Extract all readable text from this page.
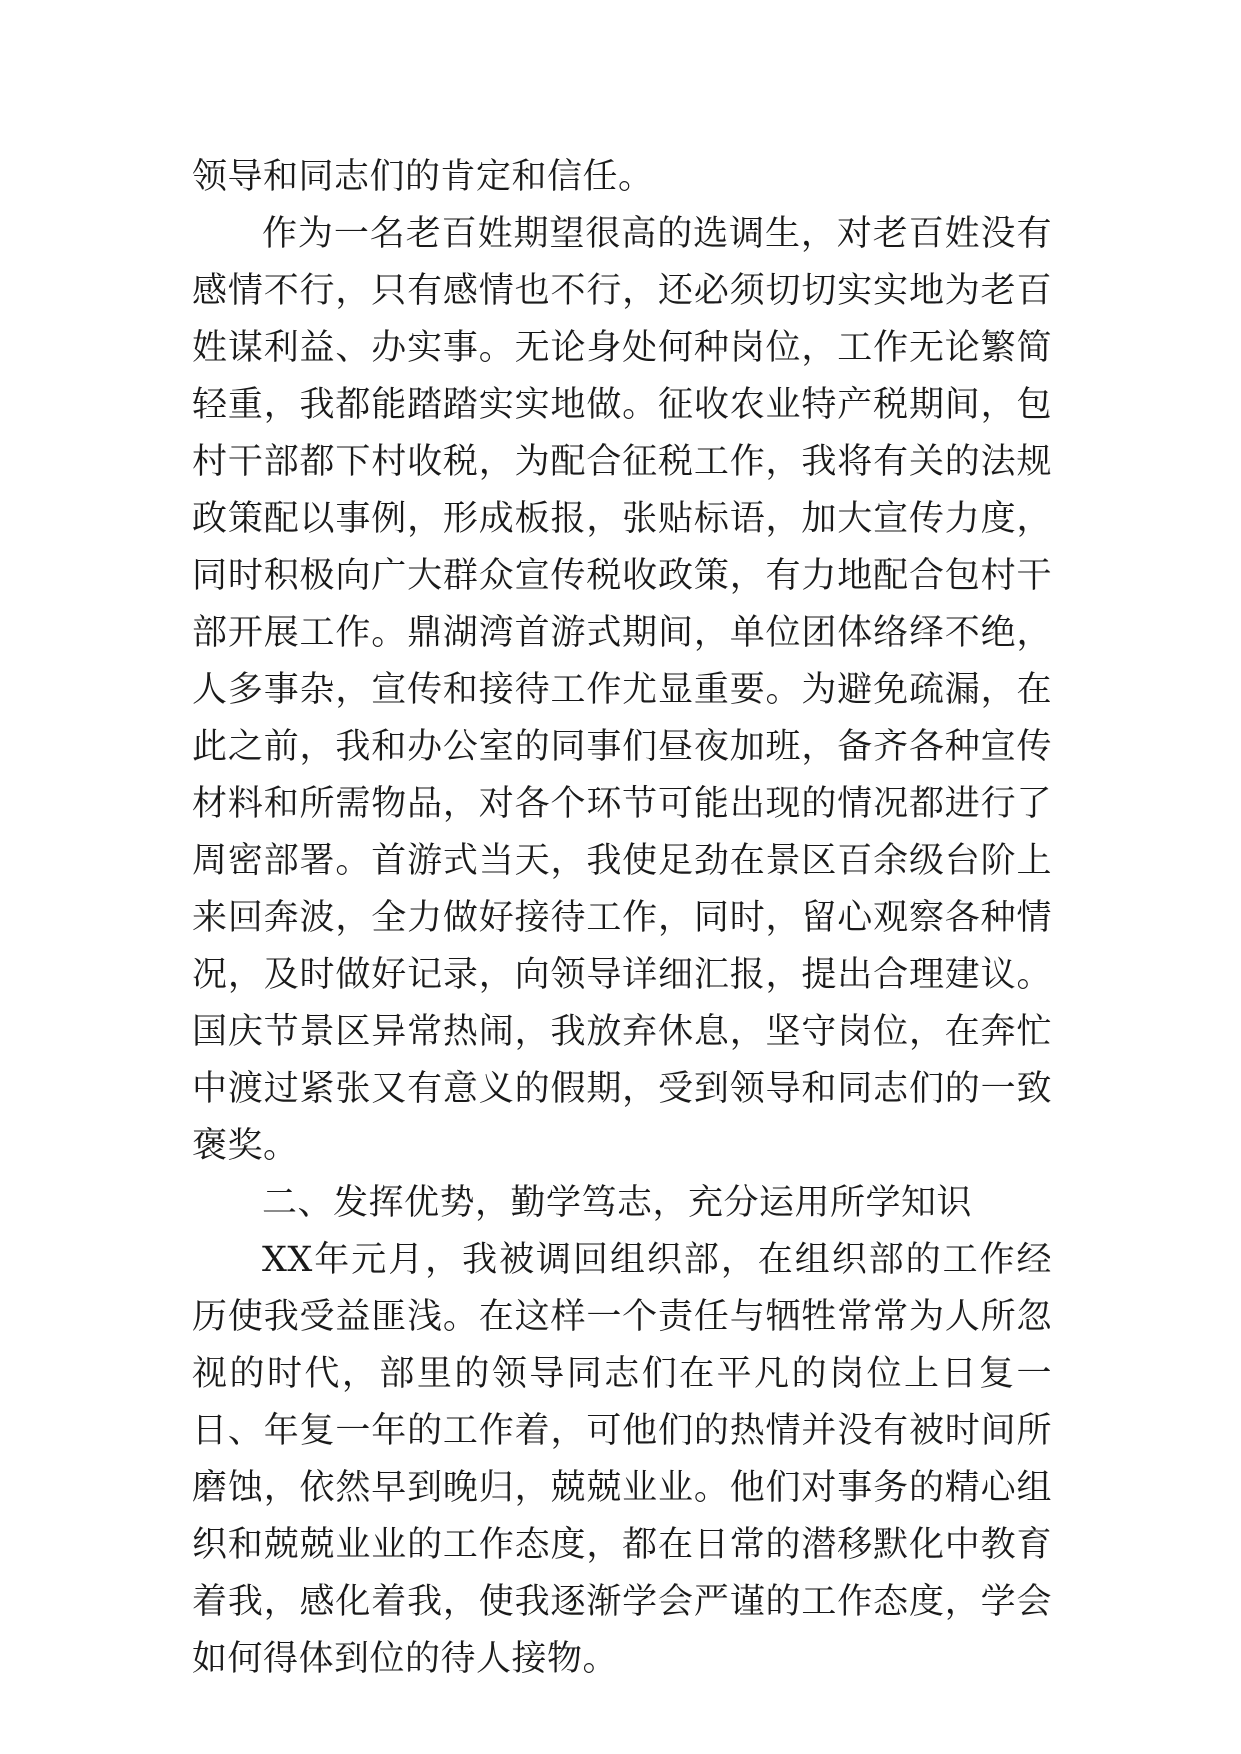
领导和同志们的肯定和信任。

作为一名老百姓期望很高的选调生，对老百姓没有感情不行，只有感情也不行，还必须切切实实地为老百姓谋利益、办实事。无论身处何种岗位，工作无论繁简轻重，我都能踏踏实实地做。征收农业特产税期间，包村干部都下村收税，为配合征税工作，我将有关的法规政策配以事例，形成板报，张贴标语，加大宣传力度，同时积极向广大群众宣传税收政策，有力地配合包村干部开展工作。鼎湖湾首游式期间，单位团体络绎不绝，人多事杂，宣传和接待工作尤显重要。为避免疏漏，在此之前，我和办公室的同事们昼夜加班，备齐各种宣传材料和所需物品，对各个环节可能出现的情况都进行了周密部署。首游式当天，我使足劲在景区百余级台阶上来回奔波，全力做好接待工作，同时，留心观察各种情况，及时做好记录，向领导详细汇报，提出合理建议。国庆节景区异常热闹，我放弃休息，坚守岗位，在奔忙中渡过紧张又有意义的假期，受到领导和同志们的一致褒奖。

二、发挥优势，勤学笃志，充分运用所学知识

XX年元月，我被调回组织部，在组织部的工作经历使我受益匪浅。在这样一个责任与牺牲常常为人所忽视的时代，部里的领导同志们在平凡的岗位上日复一日、年复一年的工作着，可他们的热情并没有被时间所磨蚀，依然早到晚归，兢兢业业。他们对事务的精心组织和兢兢业业的工作态度，都在日常的潜移默化中教育着我，感化着我，使我逐渐学会严谨的工作态度，学会如何得体到位的待人接物。
